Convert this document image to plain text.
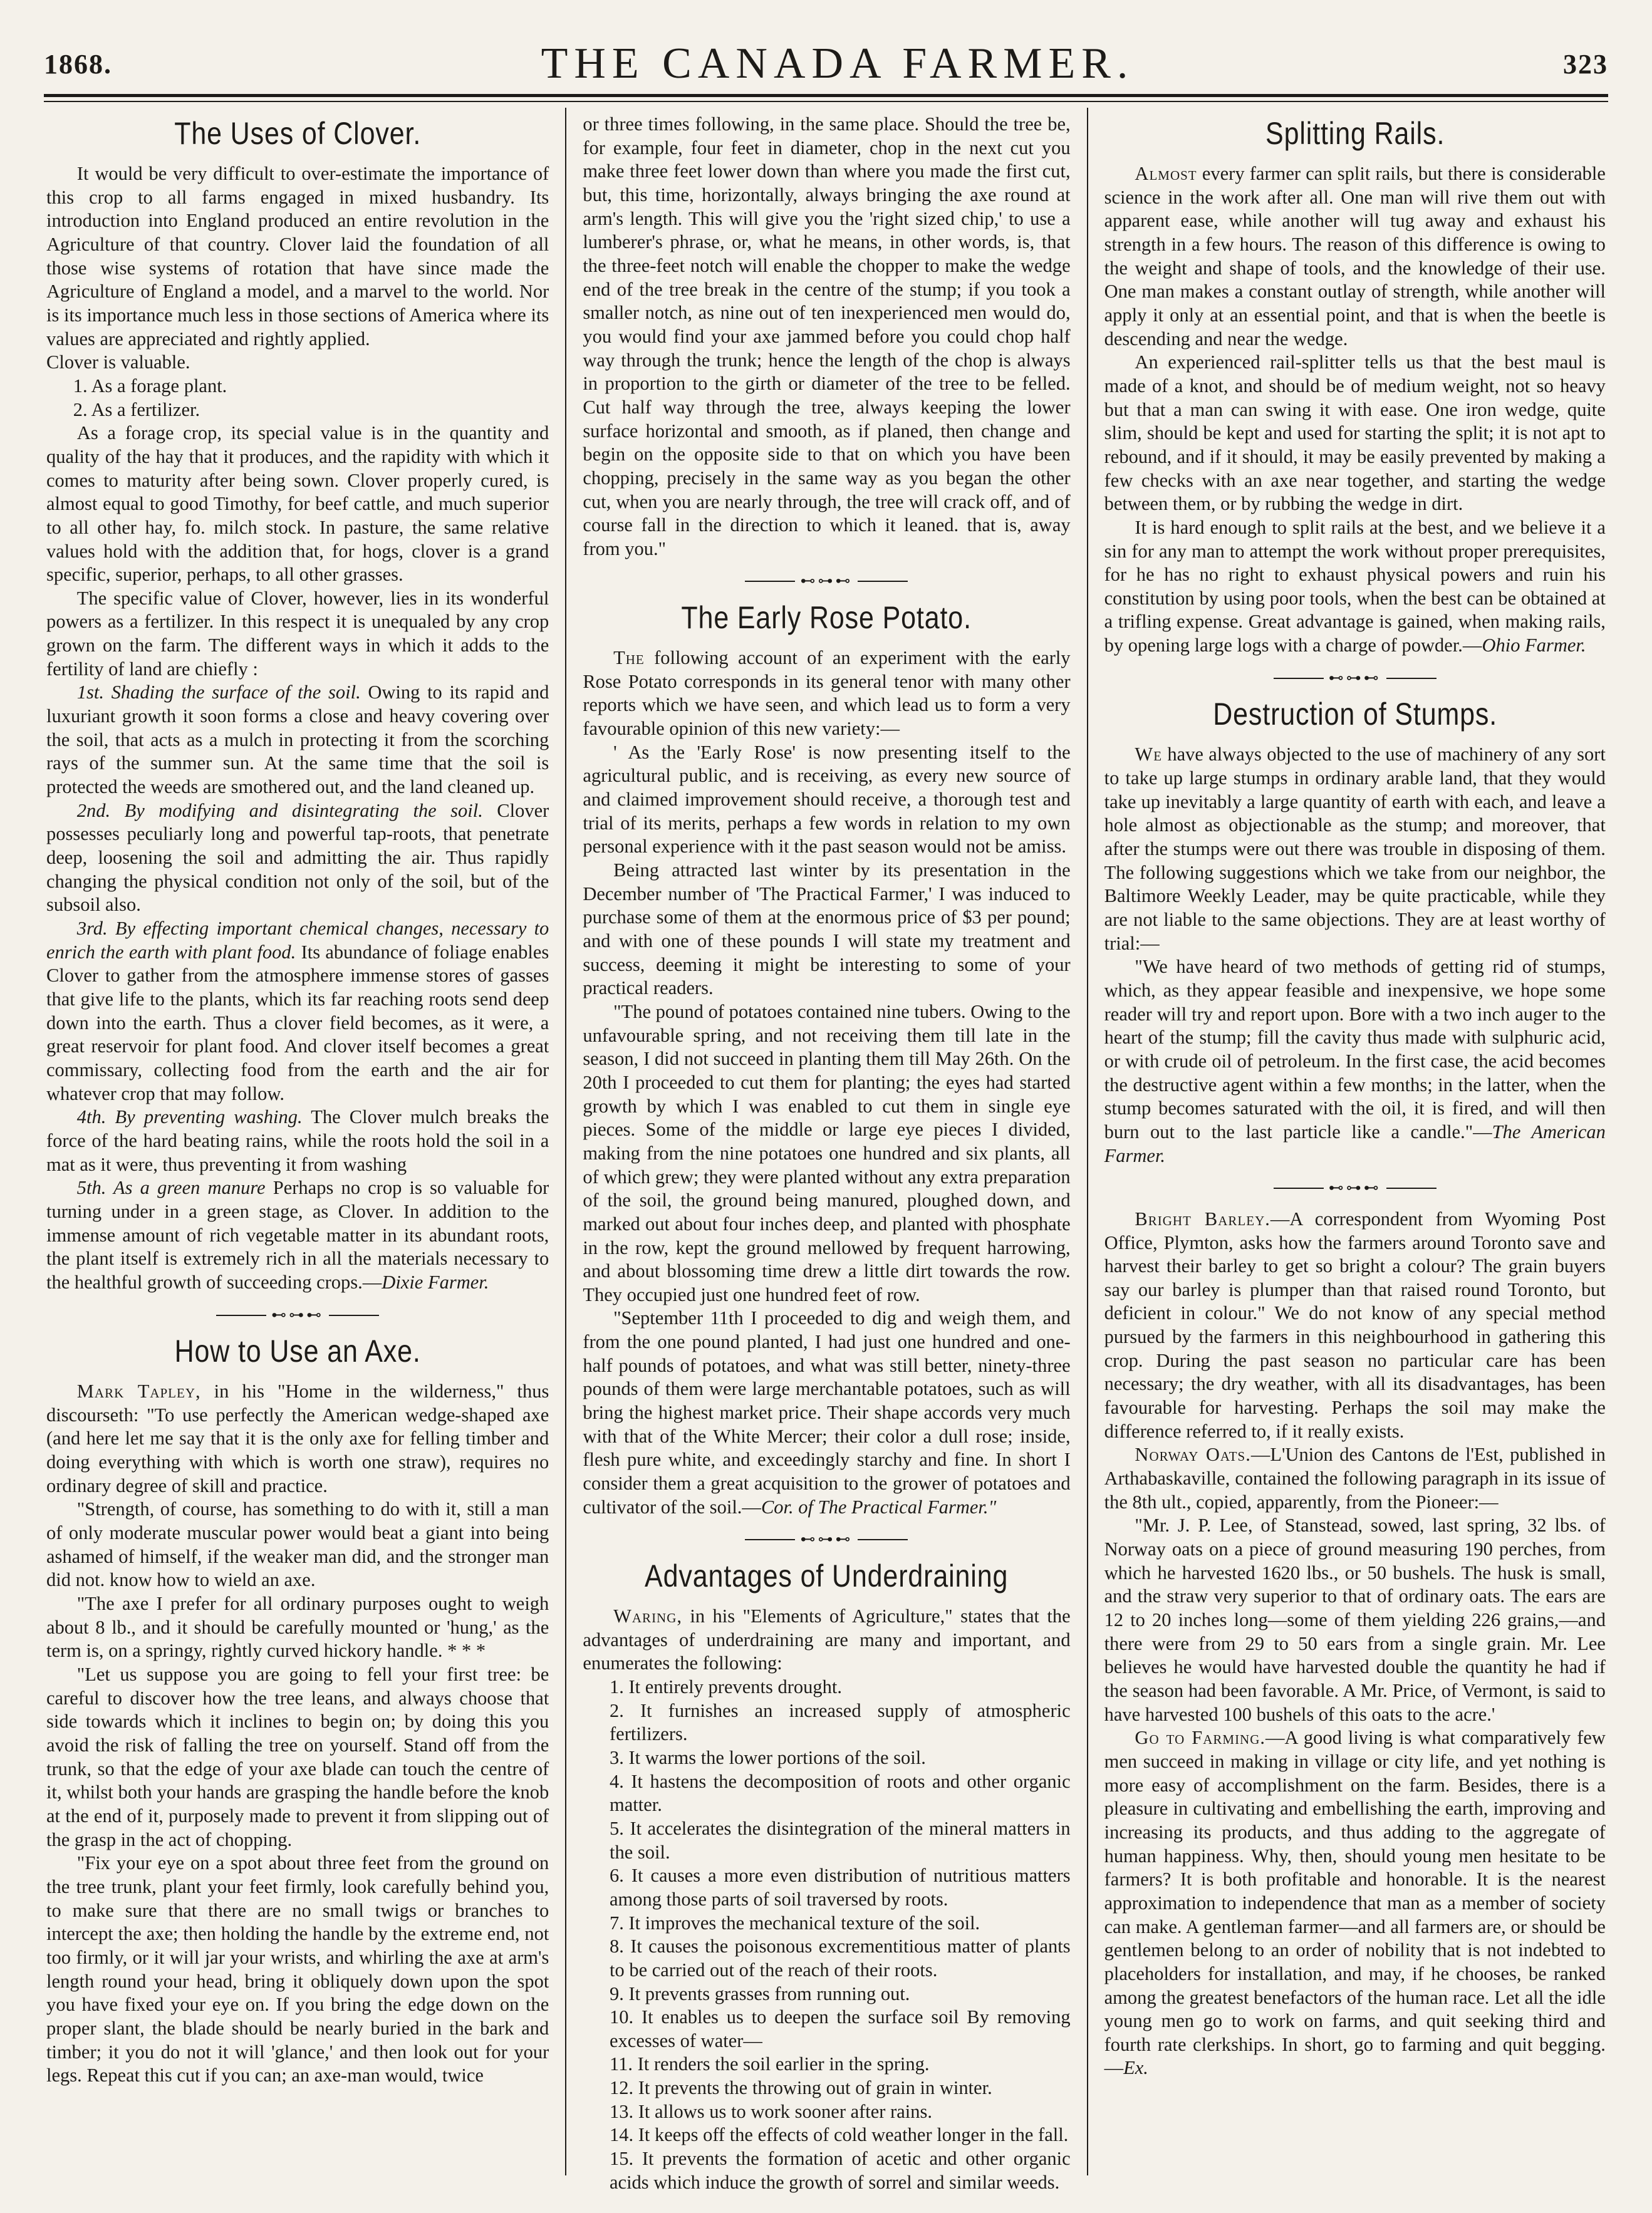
1868.	THE CANADA FARMER.	323
The Uses of Clover.

It would be very difficult to over-estimate the importance of this crop to all farms engaged in mixed husbandry. Its introduction into England produced an entire revolution in the Agriculture of that country. Clover laid the foundation of all those wise systems of rotation that have since made the Agriculture of England a model, and a marvel to the world. Nor is its importance much less in those sections of America where its values are appreciated and rightly applied.

Clover is valuable.

1. As a forage plant.

2. As a fertilizer.

As a forage crop, its special value is in the quantity and quality of the hay that it produces, and the rapidity with which it comes to maturity after being sown. Clover properly cured, is almost equal to good Timothy, for beef cattle, and much superior to all other hay, fo. milch stock. In pasture, the same relative values hold with the addition that, for hogs, clover is a grand specific, superior, perhaps, to all other grasses.

The specific value of Clover, however, lies in its wonderful powers as a fertilizer. In this respect it is unequaled by any crop grown on the farm. The different ways in which it adds to the fertility of land are chiefly :

1st. Shading the surface of the soil. Owing to its rapid and luxuriant growth it soon forms a close and heavy covering over the soil, that acts as a mulch in protecting it from the scorching rays of the summer sun. At the same time that the soil is protected the weeds are smothered out, and the land cleaned up.

2nd. By modifying and disintegrating the soil. Clover possesses peculiarly long and powerful tap-roots, that penetrate deep, loosening the soil and admitting the air. Thus rapidly changing the physical condition not only of the soil, but of the subsoil also.

3rd. By effecting important chemical changes, necessary to enrich the earth with plant food. Its abundance of foliage enables Clover to gather from the atmosphere immense stores of gasses that give life to the plants, which its far reaching roots send deep down into the earth. Thus a clover field becomes, as it were, a great reservoir for plant food. And clover itself becomes a great commissary, collecting food from the earth and the air for whatever crop that may follow.

4th. By preventing washing. The Clover mulch breaks the force of the hard beating rains, while the roots hold the soil in a mat as it were, thus preventing it from washing

5th. As a green manure Perhaps no crop is so valuable for turning under in a green stage, as Clover. In addition to the immense amount of rich vegetable matter in its abundant roots, the plant itself is extremely rich in all the materials necessary to the healthful growth of succeeding crops.—Dixie Farmer.

⊷⊶⊷
How to Use an Axe.

Mark Tapley, in his "Home in the wilderness," thus discourseth: "To use perfectly the American wedge-shaped axe (and here let me say that it is the only axe for felling timber and doing everything with which is worth one straw), requires no ordinary degree of skill and practice.

"Strength, of course, has something to do with it, still a man of only moderate muscular power would beat a giant into being ashamed of himself, if the weaker man did, and the stronger man did not. know how to wield an axe.

"The axe I prefer for all ordinary purposes ought to weigh about 8 lb., and it should be carefully mounted or 'hung,' as the term is, on a springy, rightly curved hickory handle. * * *

"Let us suppose you are going to fell your first tree: be careful to discover how the tree leans, and always choose that side towards which it inclines to begin on; by doing this you avoid the risk of falling the tree on yourself. Stand off from the trunk, so that the edge of your axe blade can touch the centre of it, whilst both your hands are grasping the handle before the knob at the end of it, purposely made to prevent it from slipping out of the grasp in the act of chopping.

"Fix your eye on a spot about three feet from the ground on the tree trunk, plant your feet firmly, look carefully behind you, to make sure that there are no small twigs or branches to intercept the axe; then holding the handle by the extreme end, not too firmly, or it will jar your wrists, and whirling the axe at arm's length round your head, bring it obliquely down upon the spot you have fixed your eye on. If you bring the edge down on the proper slant, the blade should be nearly buried in the bark and timber; it you do not it will 'glance,' and then look out for your legs. Repeat this cut if you can; an axe-man would, twice

or three times following, in the same place. Should the tree be, for example, four feet in diameter, chop in the next cut you make three feet lower down than where you made the first cut, but, this time, horizontally, always bringing the axe round at arm's length. This will give you the 'right sized chip,' to use a lumberer's phrase, or, what he means, in other words, is, that the three-feet notch will enable the chopper to make the wedge end of the tree break in the centre of the stump; if you took a smaller notch, as nine out of ten inexperienced men would do, you would find your axe jammed before you could chop half way through the trunk; hence the length of the chop is always in proportion to the girth or diameter of the tree to be felled. Cut half way through the tree, always keeping the lower surface horizontal and smooth, as if planed, then change and begin on the opposite side to that on which you have been chopping, precisely in the same way as you began the other cut, when you are nearly through, the tree will crack off, and of course fall in the direction to which it leaned. that is, away from you."

⊷⊶⊷
The Early Rose Potato.

The following account of an experiment with the early Rose Potato corresponds in its general tenor with many other reports which we have seen, and which lead us to form a very favourable opinion of this new variety:—

' As the 'Early Rose' is now presenting itself to the agricultural public, and is receiving, as every new source of and claimed improvement should receive, a thorough test and trial of its merits, perhaps a few words in relation to my own personal experience with it the past season would not be amiss.

Being attracted last winter by its presentation in the December number of 'The Practical Farmer,' I was induced to purchase some of them at the enormous price of $3 per pound; and with one of these pounds I will state my treatment and success, deeming it might be interesting to some of your practical readers.

"The pound of potatoes contained nine tubers. Owing to the unfavourable spring, and not receiving them till late in the season, I did not succeed in planting them till May 26th. On the 20th I proceeded to cut them for planting; the eyes had started growth by which I was enabled to cut them in single eye pieces. Some of the middle or large eye pieces I divided, making from the nine potatoes one hundred and six plants, all of which grew; they were planted without any extra preparation of the soil, the ground being manured, ploughed down, and marked out about four inches deep, and planted with phosphate in the row, kept the ground mellowed by frequent harrowing, and about blossoming time drew a little dirt towards the row. They occupied just one hundred feet of row.

"September 11th I proceeded to dig and weigh them, and from the one pound planted, I had just one hundred and one-half pounds of potatoes, and what was still better, ninety-three pounds of them were large merchantable potatoes, such as will bring the highest market price. Their shape accords very much with that of the White Mercer; their color a dull rose; inside, flesh pure white, and exceedingly starchy and fine. In short I consider them a great acquisition to the grower of potatoes and cultivator of the soil.—Cor. of The Practical Farmer."

⊷⊶⊷
Advantages of Underdraining

Waring, in his "Elements of Agriculture," states that the advantages of underdraining are many and important, and enumerates the following:

1. It entirely prevents drought.

2. It furnishes an increased supply of atmospheric fertilizers.

3. It warms the lower portions of the soil.

4. It hastens the decomposition of roots and other organic matter.

5. It accelerates the disintegration of the mineral matters in the soil.

6. It causes a more even distribution of nutritious matters among those parts of soil traversed by roots.

7. It improves the mechanical texture of the soil.

8. It causes the poisonous excrementitious matter of plants to be carried out of the reach of their roots.

9. It prevents grasses from running out.

10. It enables us to deepen the surface soil By removing excesses of water—

11. It renders the soil earlier in the spring.

12. It prevents the throwing out of grain in winter.

13. It allows us to work sooner after rains.

14. It keeps off the effects of cold weather longer in the fall.

15. It prevents the formation of acetic and other organic acids which induce the growth of sorrel and similar weeds.

Splitting Rails.

Almost every farmer can split rails, but there is considerable science in the work after all. One man will rive them out with apparent ease, while another will tug away and exhaust his strength in a few hours. The reason of this difference is owing to the weight and shape of tools, and the knowledge of their use. One man makes a constant outlay of strength, while another will apply it only at an essential point, and that is when the beetle is descending and near the wedge.

An experienced rail-splitter tells us that the best maul is made of a knot, and should be of medium weight, not so heavy but that a man can swing it with ease. One iron wedge, quite slim, should be kept and used for starting the split; it is not apt to rebound, and if it should, it may be easily prevented by making a few checks with an axe near together, and starting the wedge between them, or by rubbing the wedge in dirt.

It is hard enough to split rails at the best, and we believe it a sin for any man to attempt the work without proper prerequisites, for he has no right to exhaust physical powers and ruin his constitution by using poor tools, when the best can be obtained at a trifling expense. Great advantage is gained, when making rails, by opening large logs with a charge of powder.—Ohio Farmer.

⊷⊶⊷
Destruction of Stumps.

We have always objected to the use of machinery of any sort to take up large stumps in ordinary arable land, that they would take up inevitably a large quantity of earth with each, and leave a hole almost as objectionable as the stump; and moreover, that after the stumps were out there was trouble in disposing of them. The following suggestions which we take from our neighbor, the Baltimore Weekly Leader, may be quite practicable, while they are not liable to the same objections. They are at least worthy of trial:—

"We have heard of two methods of getting rid of stumps, which, as they appear feasible and inexpensive, we hope some reader will try and report upon. Bore with a two inch auger to the heart of the stump; fill the cavity thus made with sulphuric acid, or with crude oil of petroleum. In the first case, the acid becomes the destructive agent within a few months; in the latter, when the stump becomes saturated with the oil, it is fired, and will then burn out to the last particle like a candle."—The American Farmer.

⊷⊶⊷

Bright Barley.—A correspondent from Wyoming Post Office, Plymton, asks how the farmers around Toronto save and harvest their barley to get so bright a colour? The grain buyers say our barley is plumper than that raised round Toronto, but deficient in colour." We do not know of any special method pursued by the farmers in this neighbourhood in gathering this crop. During the past season no particular care has been necessary; the dry weather, with all its disadvantages, has been favourable for harvesting. Perhaps the soil may make the difference referred to, if it really exists.

Norway Oats.—L'Union des Cantons de l'Est, published in Arthabaskaville, contained the following paragraph in its issue of the 8th ult., copied, apparently, from the Pioneer:—

"Mr. J. P. Lee, of Stanstead, sowed, last spring, 32 lbs. of Norway oats on a piece of ground measuring 190 perches, from which he harvested 1620 lbs., or 50 bushels. The husk is small, and the straw very superior to that of ordinary oats. The ears are 12 to 20 inches long—some of them yielding 226 grains,—and there were from 29 to 50 ears from a single grain. Mr. Lee believes he would have harvested double the quantity he had if the season had been favorable. A Mr. Price, of Vermont, is said to have harvested 100 bushels of this oats to the acre.'

Go to Farming.—A good living is what comparatively few men succeed in making in village or city life, and yet nothing is more easy of accomplishment on the farm. Besides, there is a pleasure in cultivating and embellishing the earth, improving and increasing its products, and thus adding to the aggregate of human happiness. Why, then, should young men hesitate to be farmers? It is both profitable and honorable. It is the nearest approximation to independence that man as a member of society can make. A gentleman farmer—and all farmers are, or should be gentlemen belong to an order of nobility that is not indebted to placeholders for installation, and may, if he chooses, be ranked among the greatest benefactors of the human race. Let all the idle young men go to work on farms, and quit seeking third and fourth rate clerkships. In short, go to farming and quit begging.—Ex.
